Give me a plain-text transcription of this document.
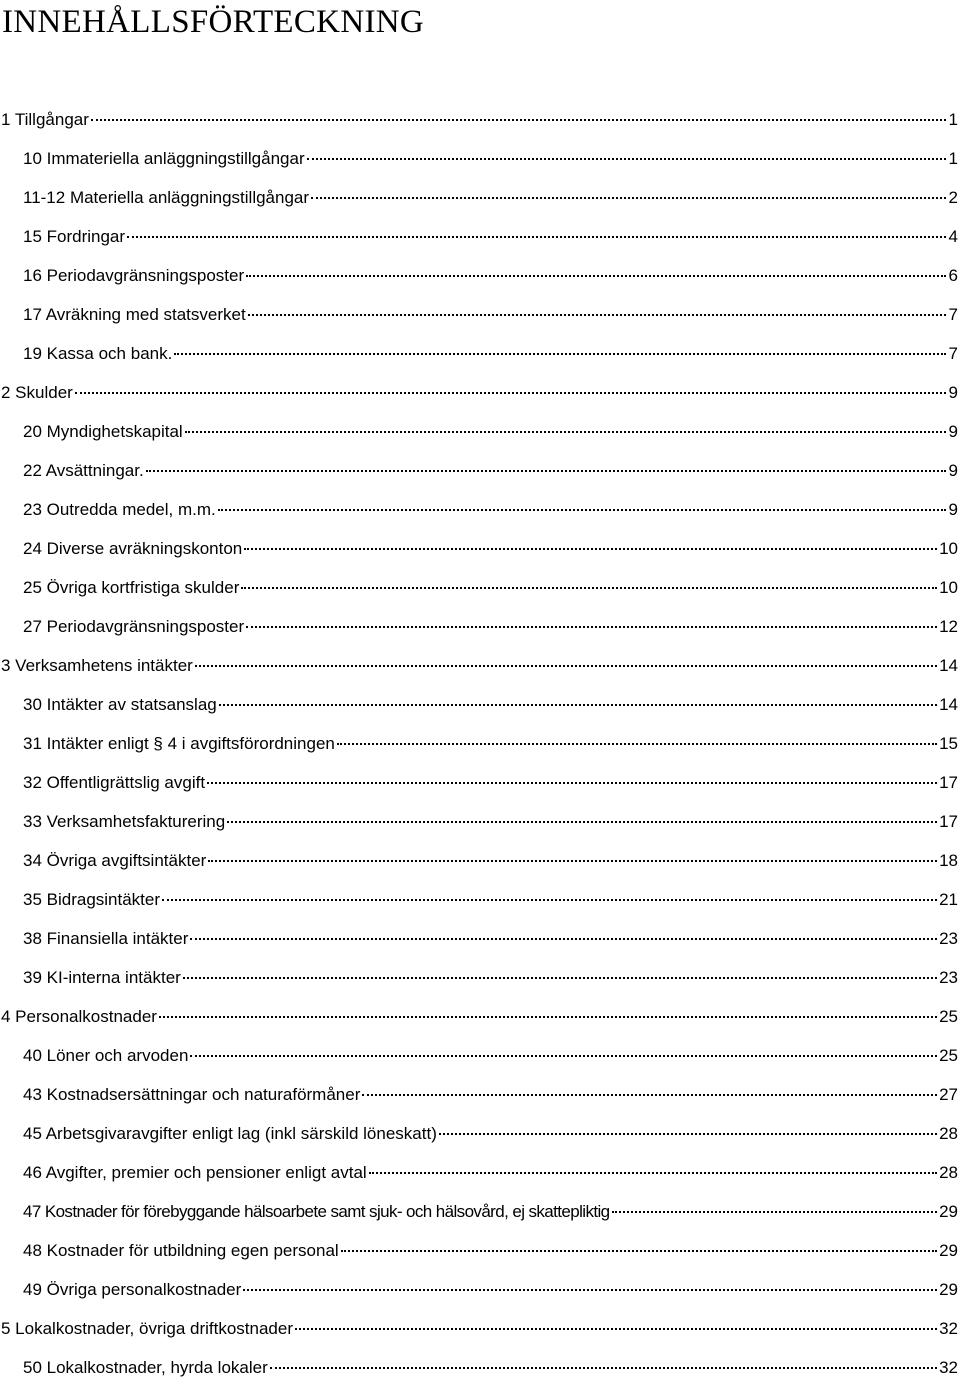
INNEHÅLLSFÖRTECKNING
1 Tillgångar	1
10 Immateriella anläggningstillgångar	1
11-12 Materiella anläggningstillgångar	2
15 Fordringar	4
16 Periodavgränsningsposter	6
17 Avräkning med statsverket	7
19 Kassa och bank.	7
2 Skulder	9
20 Myndighetskapital	9
22 Avsättningar.	9
23 Outredda medel, m.m.	9
24 Diverse avräkningskonton	10
25 Övriga kortfristiga skulder	10
27 Periodavgränsningsposter	12
3 Verksamhetens intäkter	14
30 Intäkter av statsanslag	14
31 Intäkter enligt § 4 i avgiftsförordningen	15
32 Offentligrättslig avgift	17
33 Verksamhetsfakturering	17
34 Övriga avgiftsintäkter	18
35 Bidragsintäkter	21
38 Finansiella intäkter	23
39 KI-interna intäkter	23
4 Personalkostnader	25
40 Löner och arvoden	25
43 Kostnadsersättningar och naturaförmåner	27
45 Arbetsgivaravgifter enligt lag (inkl särskild löneskatt)	28
46 Avgifter, premier och pensioner enligt avtal	28
47 Kostnader för förebyggande hälsoarbete samt sjuk- och hälsovård, ej skattepliktig	29
48 Kostnader för utbildning egen personal	29
49 Övriga personalkostnader	29
5 Lokalkostnader, övriga driftkostnader	32
50 Lokalkostnader, hyrda lokaler	32
